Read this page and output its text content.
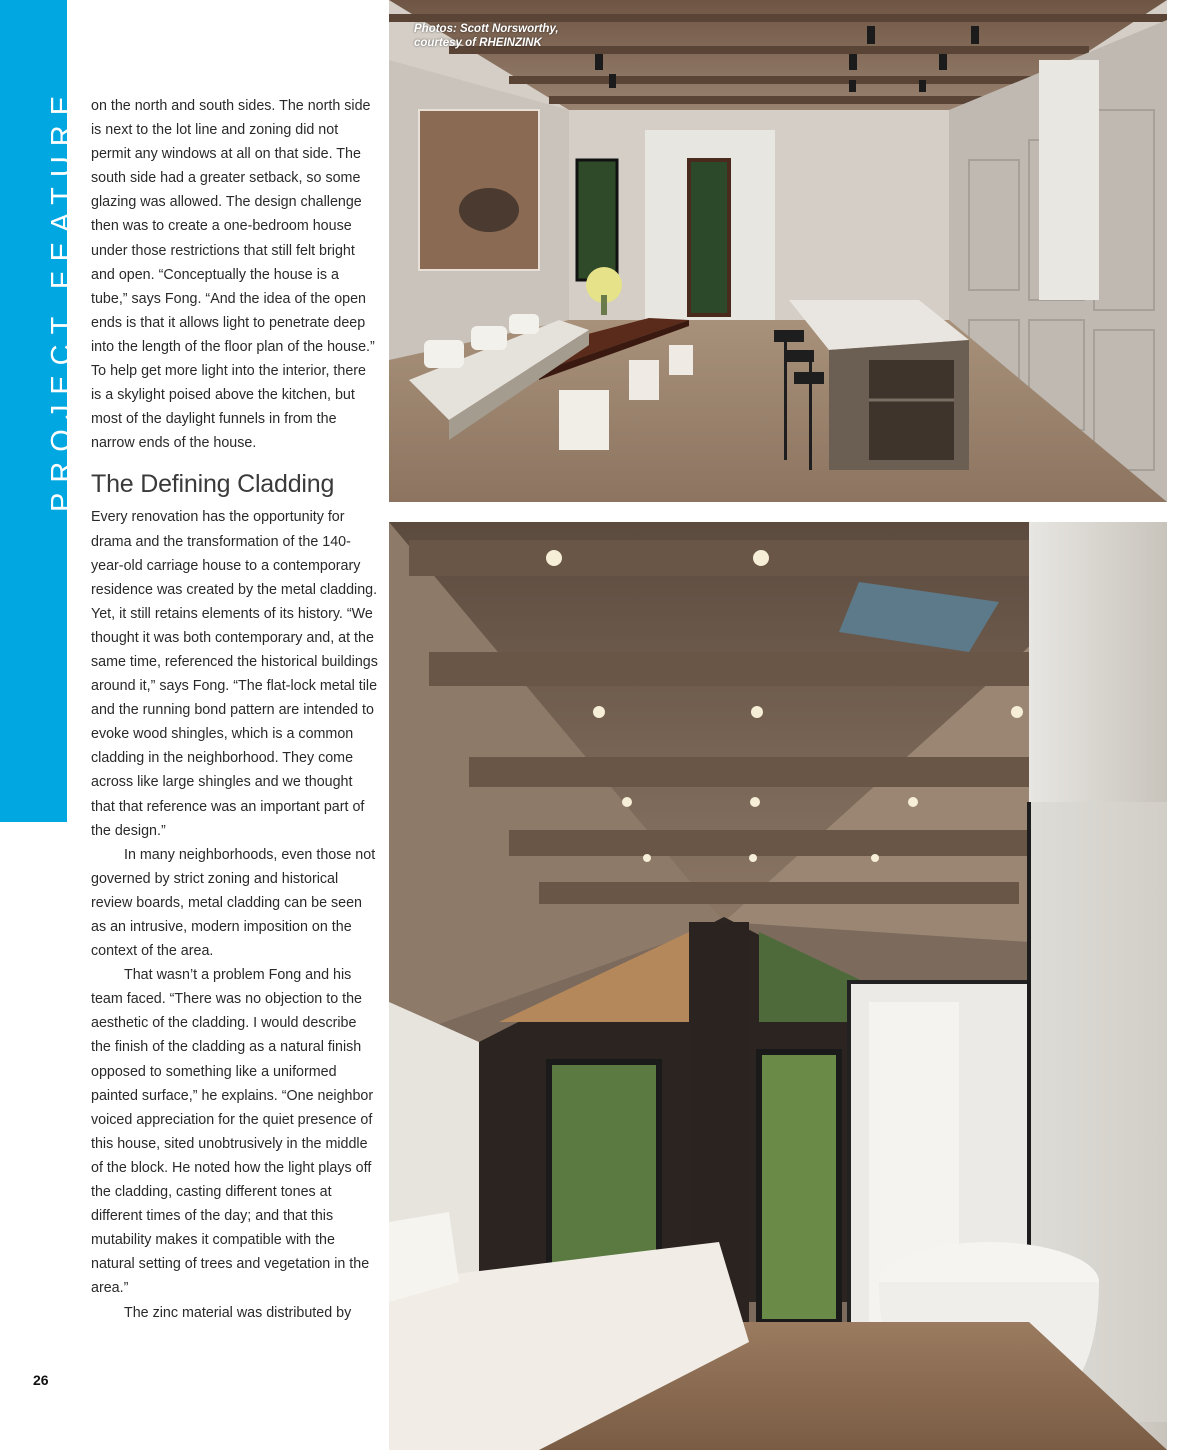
PROJECT FEATURE on the north and south sides. The north side is next to the lot line and zoning did not permit any windows at all on that side. The south side had a greater setback, so some glazing was allowed. The design challenge then was to create a one-bedroom house under those restrictions that still felt bright and open. “Conceptually the house is a tube,” says Fong. “And the idea of the open ends is that it allows light to penetrate deep into the length of the floor plan of the house.” To help get more light into the interior, there is a skylight poised above the kitchen, but most of the daylight funnels in from the narrow ends of the house.

The Defining Cladding

Every renovation has the opportunity for drama and the transformation of the 140-year-old carriage house to a contemporary residence was created by the metal cladding. Yet, it still retains elements of its history. “We thought it was both contemporary and, at the same time, referenced the historical buildings around it,” says Fong. “The flat-lock metal tile and the running bond pattern are intended to evoke wood shingles, which is a common cladding in the neighborhood. They come across like large shingles and we thought that that reference was an important part of the design.”

In many neighborhoods, even those not governed by strict zoning and historical review boards, metal cladding can be seen as an intrusive, modern imposition on the context of the area.

That wasn’t a problem Fong and his team faced. “There was no objection to the aesthetic of the cladding. I would describe the finish of the cladding as a natural finish opposed to something like a uniformed painted surface,” he explains. “One neighbor voiced appreciation for the quiet presence of this house, sited unobtrusively in the middle of the block. He noted how the light plays off the cladding, casting different tones at different times of the day; and that this mutability makes it compatible with the natural setting of trees and vegetation in the area.”

The zinc material was distributed by

26
Photos: Scott Norsworthy,
courtesy of RHEINZINK
